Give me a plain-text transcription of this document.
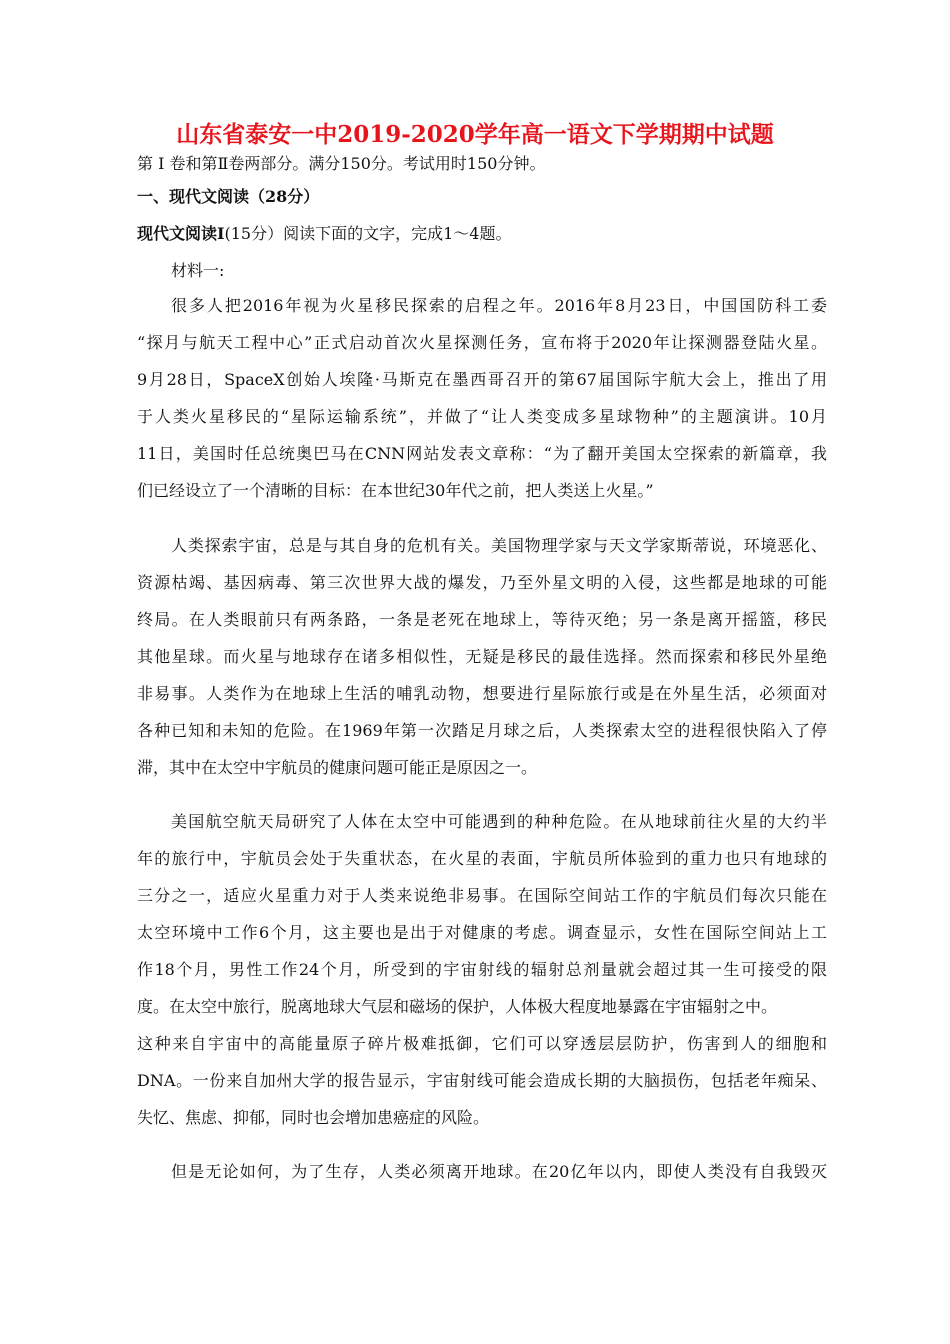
山东省泰安一中2019-2020学年高一语文下学期期中试题

第 I 卷和第Ⅱ卷两部分。满分150分。考试用时150分钟。

一、现代文阅读（28分）

现代文阅读Ⅰ(15分）阅读下面的文字，完成1～4题。

材料一:

很多人把2016年视为火星移民探索的启程之年。2016年8月23日，中国国防科工委

“探月与航天工程中心”正式启动首次火星探测任务，宣布将于2020年让探测器登陆火星。

9月28日，SpaceX创始人埃隆·马斯克在墨西哥召开的第67届国际宇航大会上，推出了用

于人类火星移民的“星际运输系统”，并做了“让人类变成多星球物种”的主题演讲。10月

11日，美国时任总统奥巴马在CNN网站发表文章称：“为了翻开美国太空探索的新篇章，我

们已经设立了一个清晰的目标：在本世纪30年代之前，把人类送上火星。”

人类探索宇宙，总是与其自身的危机有关。美国物理学家与天文学家斯蒂说，环境恶化、

资源枯竭、基因病毒、第三次世界大战的爆发，乃至外星文明的入侵，这些都是地球的可能

终局。在人类眼前只有两条路，一条是老死在地球上，等待灭绝；另一条是离开摇篮，移民

其他星球。而火星与地球存在诸多相似性，无疑是移民的最佳选择。然而探索和移民外星绝

非易事。人类作为在地球上生活的哺乳动物，想要进行星际旅行或是在外星生活，必须面对

各种已知和未知的危险。在1969年第一次踏足月球之后，人类探索太空的进程很快陷入了停

滞，其中在太空中宇航员的健康问题可能正是原因之一。

美国航空航天局研究了人体在太空中可能遇到的种种危险。在从地球前往火星的大约半

年的旅行中，宇航员会处于失重状态，在火星的表面，宇航员所体验到的重力也只有地球的

三分之一，适应火星重力对于人类来说绝非易事。在国际空间站工作的宇航员们每次只能在

太空环境中工作6个月，这主要也是出于对健康的考虑。调查显示，女性在国际空间站上工

作18个月，男性工作24个月，所受到的宇宙射线的辐射总剂量就会超过其一生可接受的限

度。在太空中旅行，脱离地球大气层和磁场的保护，人体极大程度地暴露在宇宙辐射之中。

这种来自宇宙中的高能量原子碎片极难抵御，它们可以穿透层层防护，伤害到人的细胞和

DNA。一份来自加州大学的报告显示，宇宙射线可能会造成长期的大脑损伤，包括老年痴呆、

失忆、焦虑、抑郁，同时也会增加患癌症的风险。

但是无论如何，为了生存，人类必须离开地球。在20亿年以内，即使人类没有自我毁灭
